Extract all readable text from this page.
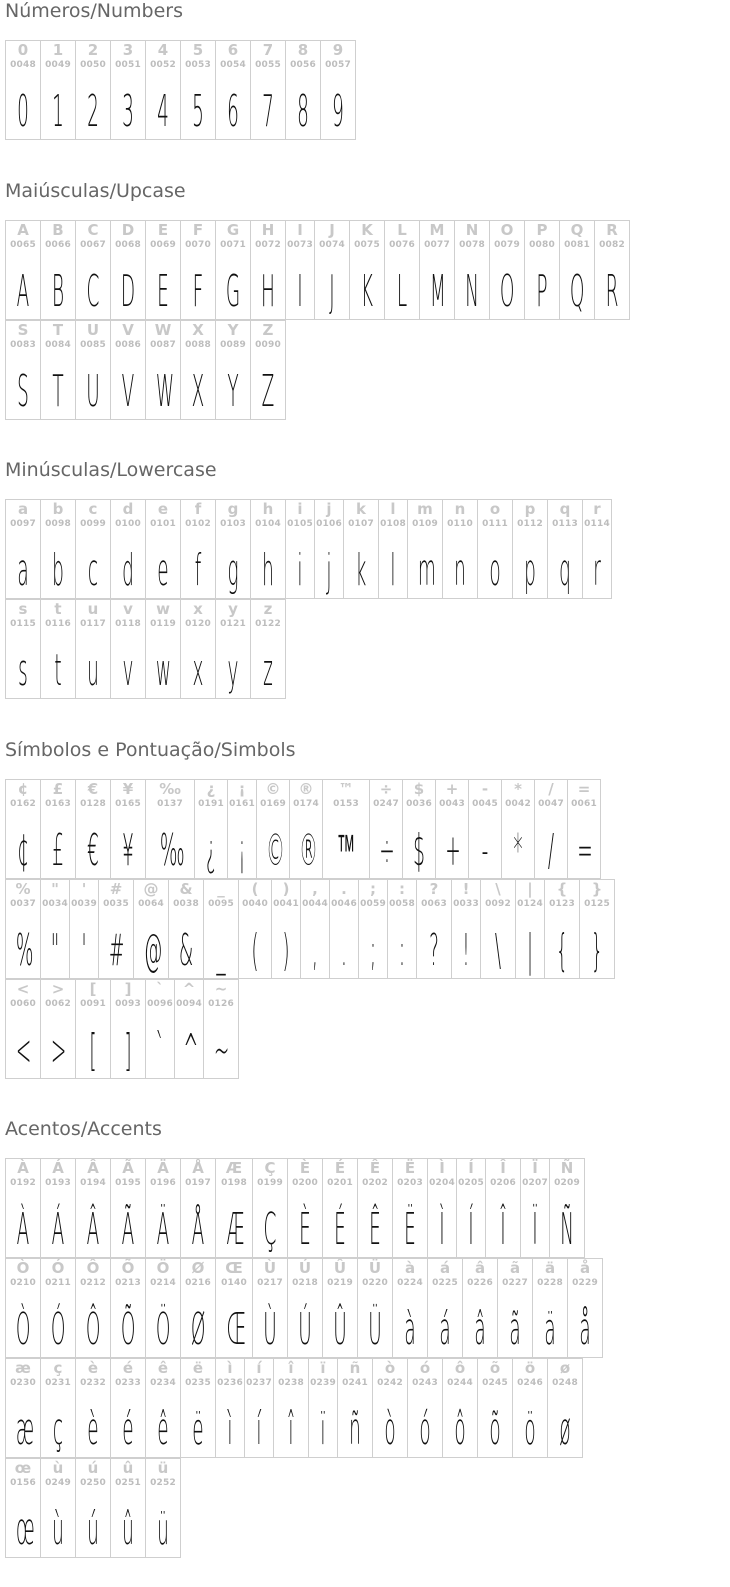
Números/Numbers
0
0048
0
1
0049
1
2
0050
2
3
0051
3
4
0052
4
5
0053
5
6
0054
6
7
0055
7
8
0056
8
9
0057
9
Maiúsculas/Upcase
A
0065
A
B
0066
B
C
0067
C
D
0068
D
E
0069
E
F
0070
F
G
0071
G
H
0072
H
I
0073
I
J
0074
J
K
0075
K
L
0076
L
M
0077
M
N
0078
N
O
0079
O
P
0080
P
Q
0081
Q
R
0082
R
S
0083
S
T
0084
T
U
0085
U
V
0086
V
W
0087
W
X
0088
X
Y
0089
Y
Z
0090
Z
Minúsculas/Lowercase
a
0097
a
b
0098
b
c
0099
c
d
0100
d
e
0101
e
f
0102
f
g
0103
g
h
0104
h
i
0105
i
j
0106
j
k
0107
k
l
0108
l
m
0109
m
n
0110
n
o
0111
o
p
0112
p
q
0113
q
r
0114
r
s
0115
s
t
0116
t
u
0117
u
v
0118
v
w
0119
w
x
0120
x
y
0121
y
z
0122
z
Símbolos e Pontuação/Simbols
¢
0162
¢
£
0163
£
€
0128
€
¥
0165
¥
‰
0137
‰
¿
0191
¿
¡
0161
¡
©
0169
©
®
0174
®
™
0153
™
÷
0247
÷
$
0036
$
+
0043
+
-
0045
-
*
0042
*
/
0047
/
=
0061
=
%
0037
%
"
0034
"
'
0039
'
#
0035
#
@
0064
@
&
0038
&
_
0095
_
(
0040
(
)
0041
)
,
0044
,
.
0046
.
;
0059
;
:
0058
:
?
0063
?
!
0033
!
\
0092
\
|
0124
|
{
0123
{
}
0125
}
<
0060
<
>
0062
>
[
0091
[
]
0093
]
`
0096
`
^
0094
^
~
0126
~
Acentos/Accents
À
0192
À
Á
0193
Á
Â
0194
Â
Ã
0195
Ã
Ä
0196
Ä
Å
0197
Å
Æ
0198
Æ
Ç
0199
Ç
È
0200
È
É
0201
É
Ê
0202
Ê
Ë
0203
Ë
Ì
0204
Ì
Í
0205
Í
Î
0206
Î
Ï
0207
Ï
Ñ
0209
Ñ
Ò
0210
Ò
Ó
0211
Ó
Ô
0212
Ô
Õ
0213
Õ
Ö
0214
Ö
Ø
0216
Ø
Œ
0140
Œ
Ù
0217
Ù
Ú
0218
Ú
Û
0219
Û
Ü
0220
Ü
à
0224
à
á
0225
á
â
0226
â
ã
0227
ã
ä
0228
ä
å
0229
å
æ
0230
æ
ç
0231
ç
è
0232
è
é
0233
é
ê
0234
ê
ë
0235
ë
ì
0236
ì
í
0237
í
î
0238
î
ï
0239
ï
ñ
0241
ñ
ò
0242
ò
ó
0243
ó
ô
0244
ô
õ
0245
õ
ö
0246
ö
ø
0248
ø
œ
0156
œ
ù
0249
ù
ú
0250
ú
û
0251
û
ü
0252
ü
